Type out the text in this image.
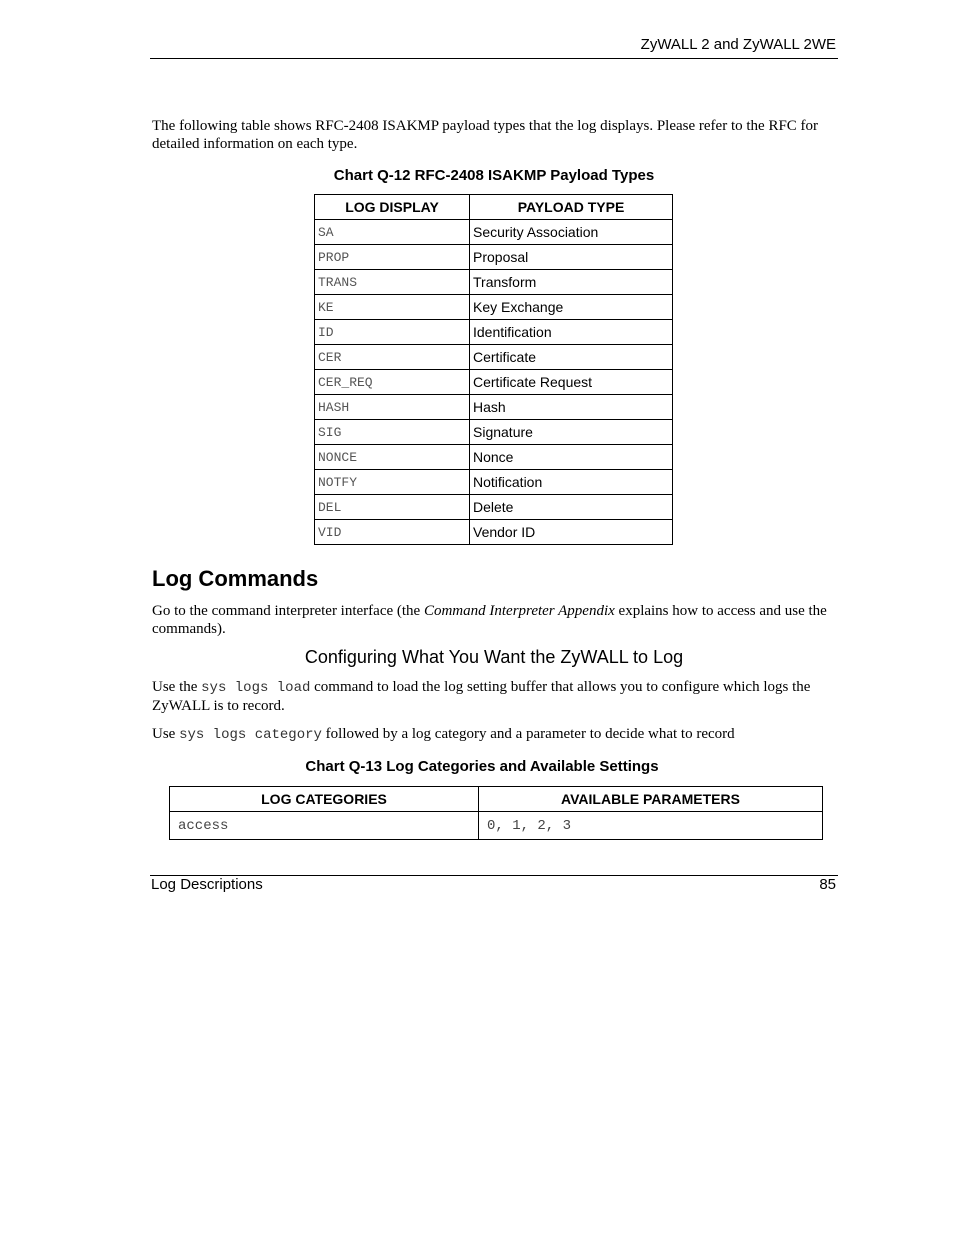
ZyWALL 2 and ZyWALL 2WE
The following table shows RFC-2408 ISAKMP payload types that the log displays. Please refer to the RFC for detailed information on each type.
Chart Q-12 RFC-2408 ISAKMP Payload Types
LOG DISPLAY	PAYLOAD TYPE
SA	Security Association
PROP	Proposal
TRANS	Transform
KE	Key Exchange
ID	Identification
CER	Certificate
CER_REQ	Certificate Request
HASH	Hash
SIG	Signature
NONCE	Nonce
NOTFY	Notification
DEL	Delete
VID	Vendor ID
Log Commands
Go to the command interpreter interface (the Command Interpreter Appendix explains how to access and use the commands).
Configuring What You Want the ZyWALL to Log
Use the sys logs load command to load the log setting buffer that allows you to configure which logs the ZyWALL is to record.
Use sys logs category followed by a log category and a parameter to decide what to record
Chart Q-13 Log Categories and Available Settings
LOG CATEGORIES	AVAILABLE PARAMETERS
access	0, 1, 2, 3
Log Descriptions	85
